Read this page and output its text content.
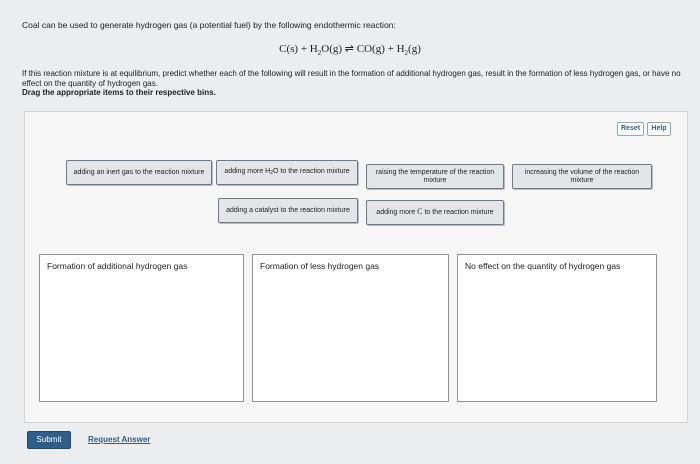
Coal can be used to generate hydrogen gas (a potential fuel) by the following endothermic reaction:
$C(s) + H_2O(g)$ ⇌ $CO(g) + H_2(g)$
If this reaction mixture is at equilibrium, predict whether each of the following will result in the formation of additional hydrogen gas, result in the formation of less hydrogen gas, or have no effect on the quantity of hydrogen gas.
Drag the appropriate items to their respective bins.
Reset	Help
adding an inert gas to the reaction mixture	adding more $H_2O$ to the reaction mixture	raising the temperature of the reaction mixture
increasing the volume of the reaction mixture
adding a catalyst to the reaction mixture	adding more C to the reaction mixture
Formation of additional hydrogen gas	Formation of less hydrogen gas	No effect on the quantity of hydrogen gas
Submit	Request Answer
